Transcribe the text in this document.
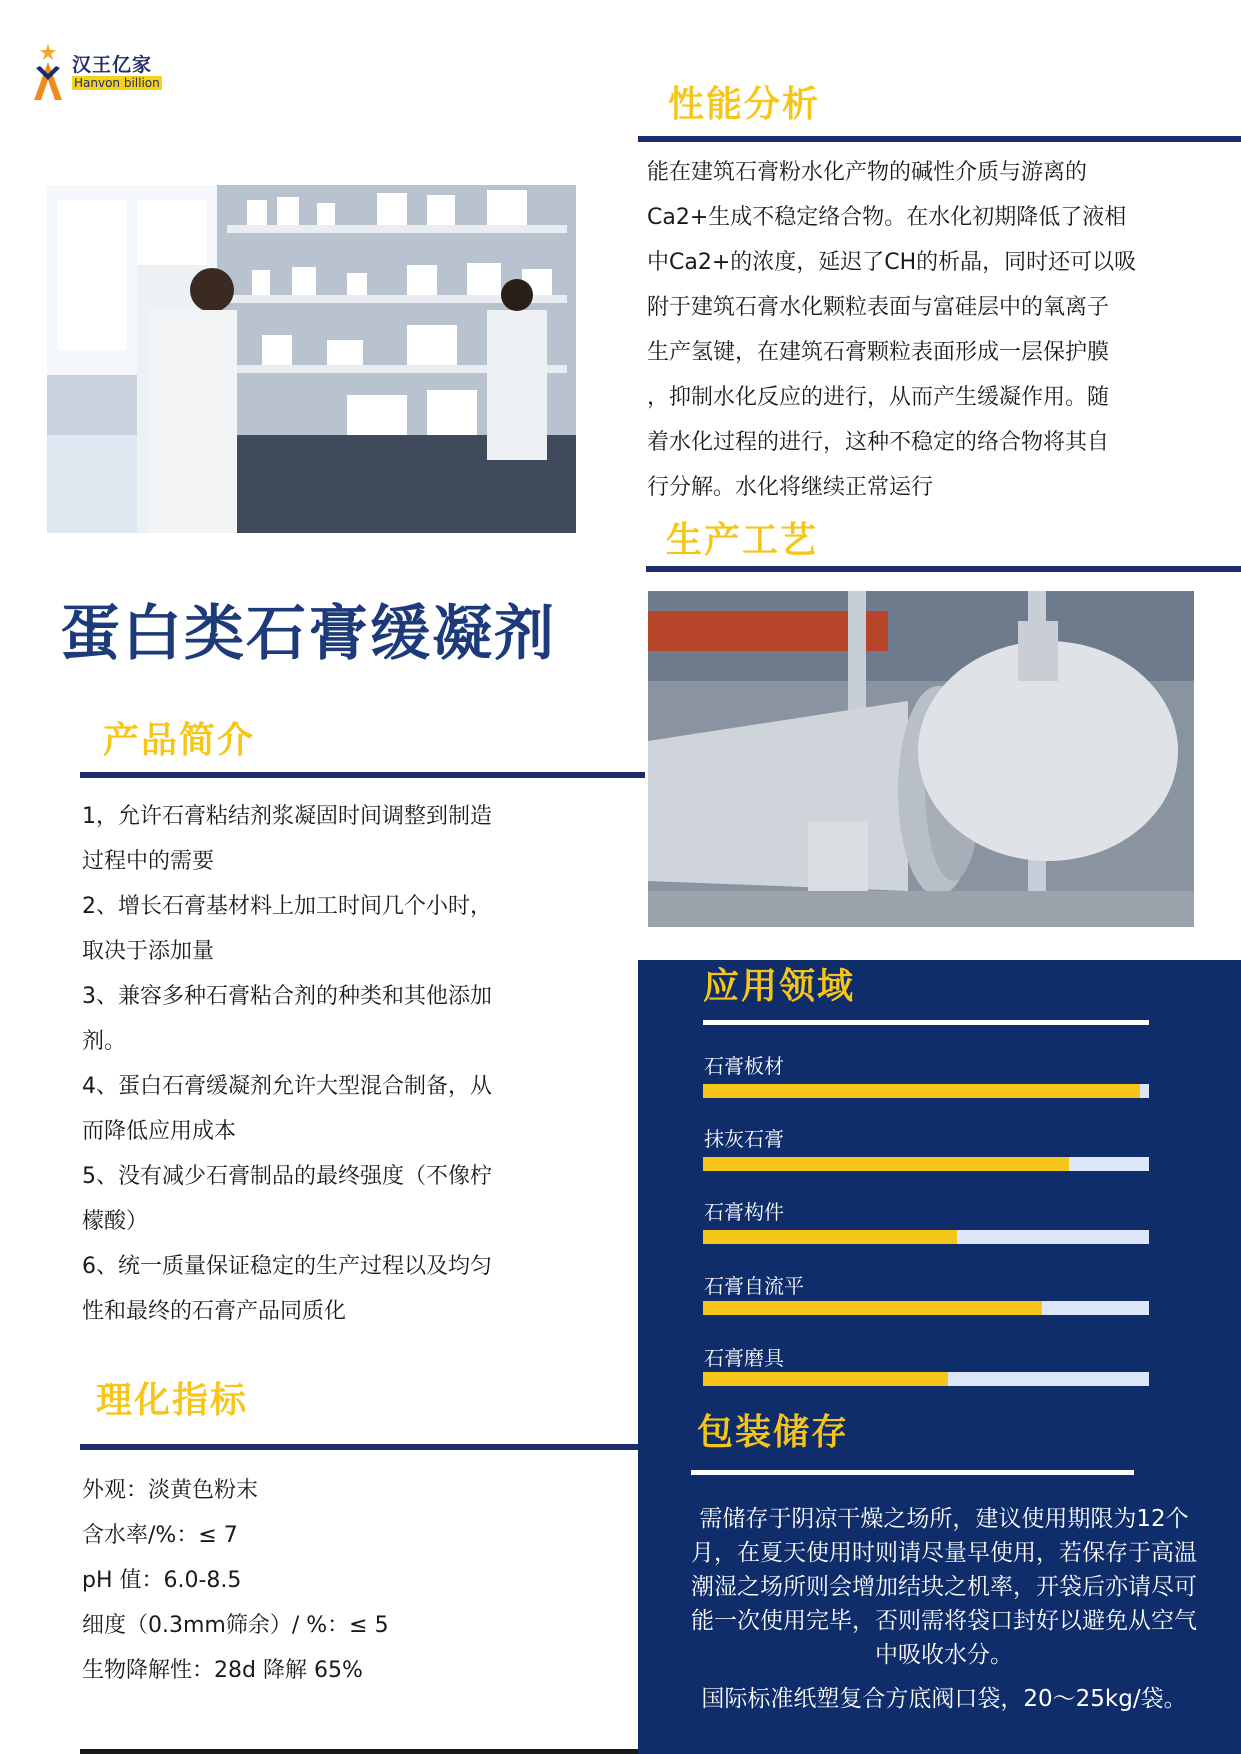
汉王亿家
Hanvon billion
性能分析
能在建筑石膏粉水化产物的碱性介质与游离的
Ca2+生成不稳定络合物。在水化初期降低了液相
中Ca2+的浓度，延迟了CH的析晶，同时还可以吸
附于建筑石膏水化颗粒表面与富硅层中的氧离子
生产氢键，在建筑石膏颗粒表面形成一层保护膜
，抑制水化反应的进行，从而产生缓凝作用。随
着水化过程的进行，这种不稳定的络合物将其自
行分解。水化将继续正常运行
生产工艺
蛋白类石膏缓凝剂
产品简介
1，允许石膏粘结剂浆凝固时间调整到制造
过程中的需要
2、增长石膏基材料上加工时间几个小时，
取决于添加量
3、兼容多种石膏粘合剂的种类和其他添加
剂。
4、蛋白石膏缓凝剂允许大型混合制备，从
而降低应用成本
5、没有减少石膏制品的最终强度（不像柠
檬酸）
6、统一质量保证稳定的生产过程以及均匀
性和最终的石膏产品同质化
理化指标
外观：淡黄色粉末
含水率/%：≤ 7
pH 值：6.0-8.5
细度（0.3mm筛余）/ %：≤ 5
生物降解性：28d 降解 65%
应用领域
石膏板材
抹灰石膏
石膏构件
石膏自流平
石膏磨具
包装储存
需储存于阴凉干燥之场所，建议使用期限为12个月，在夏天使用时则请尽量早使用，若保存于高温潮湿之场所则会增加结块之机率，开袋后亦请尽可能一次使用完毕，否则需将袋口封好以避免从空气中吸收水分。
国际标准纸塑复合方底阀口袋，20～25kg/袋。
